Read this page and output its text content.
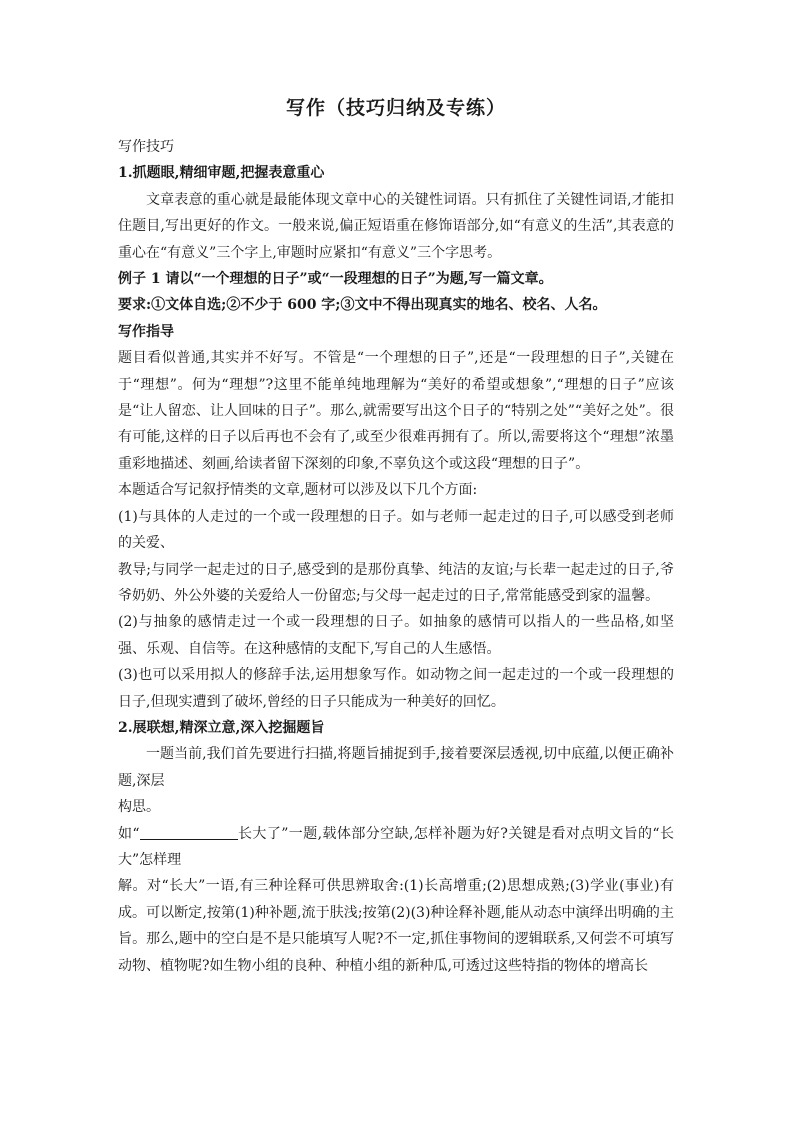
写作（技巧归纳及专练）

写作技巧

1.抓题眼,精细审题,把握表意重心

文章表意的重心就是最能体现文章中心的关键性词语。只有抓住了关键性词语,才能扣住题目,写出更好的作文。一般来说,偏正短语重在修饰语部分,如“有意义的生活”,其表意的重心在“有意义”三个字上,审题时应紧扣“有意义”三个字思考。

例子 1 请以“一个理想的日子”或“一段理想的日子”为题,写一篇文章。

要求:①文体自选;②不少于 600 字;③文中不得出现真实的地名、校名、人名。

写作指导

题目看似普通,其实并不好写。不管是“一个理想的日子”,还是“一段理想的日子”,关键在于“理想”。何为“理想”?这里不能单纯地理解为“美好的希望或想象”,“理想的日子”应该是“让人留恋、让人回味的日子”。那么,就需要写出这个日子的“特别之处”“美好之处”。很有可能,这样的日子以后再也不会有了,或至少很难再拥有了。所以,需要将这个“理想”浓墨重彩地描述、刻画,给读者留下深刻的印象,不辜负这个或这段“理想的日子”。

本题适合写记叙抒情类的文章,题材可以涉及以下几个方面:

(1)与具体的人走过的一个或一段理想的日子。如与老师一起走过的日子,可以感受到老师的关爱、

教导;与同学一起走过的日子,感受到的是那份真挚、纯洁的友谊;与长辈一起走过的日子,爷爷奶奶、外公外婆的关爱给人一份留恋;与父母一起走过的日子,常常能感受到家的温馨。

(2)与抽象的感情走过一个或一段理想的日子。如抽象的感情可以指人的一些品格,如坚强、乐观、自信等。在这种感情的支配下,写自己的人生感悟。

(3)也可以采用拟人的修辞手法,运用想象写作。如动物之间一起走过的一个或一段理想的日子,但现实遭到了破坏,曾经的日子只能成为一种美好的回忆。

2.展联想,精深立意,深入挖掘题旨

一题当前,我们首先要进行扫描,将题旨捕捉到手,接着要深层透视,切中底蕴,以便正确补题,深层

构思。

如“	长大了”一题,载体部分空缺,怎样补题为好?关键是看对点明文旨的“长大”怎样理

解。对“长大”一语,有三种诠释可供思辨取舍:(1)长高增重;(2)思想成熟;(3)学业(事业)有成。可以断定,按第(1)种补题,流于肤浅;按第(2)(3)种诠释补题,能从动态中演绎出明确的主旨。那么,题中的空白是不是只能填写人呢?不一定,抓住事物间的逻辑联系,又何尝不可填写动物、植物呢?如生物小组的良种、种植小组的新种瓜,可透过这些特指的物体的增高长
